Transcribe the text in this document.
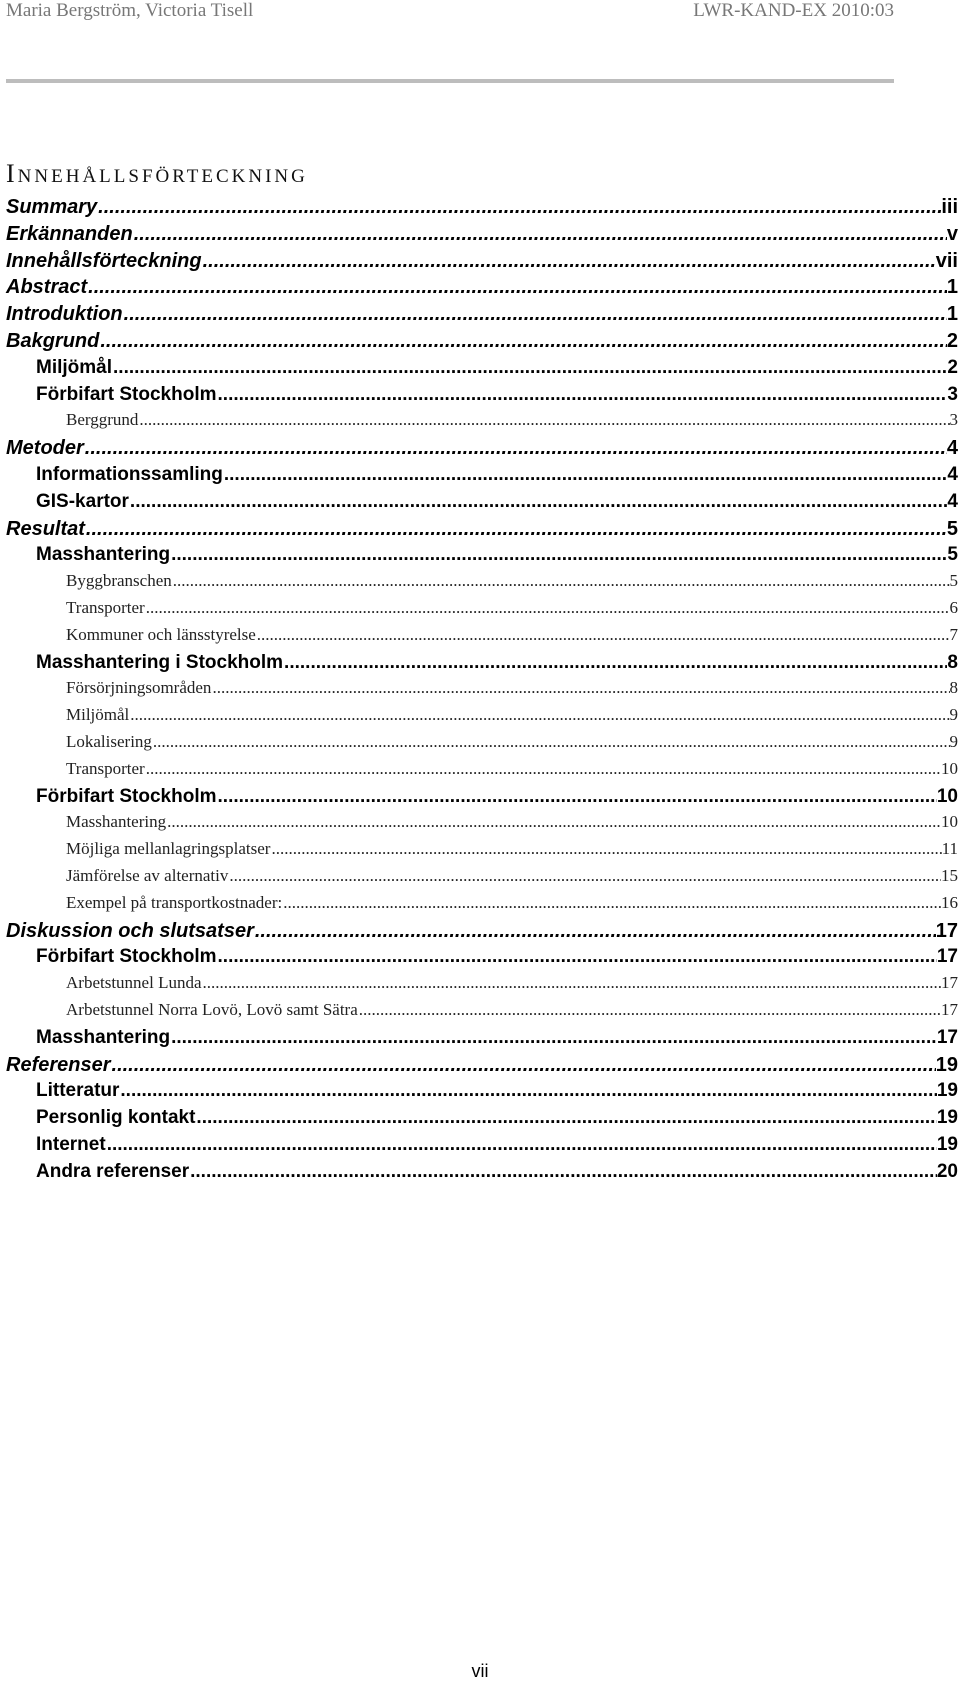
Maria Bergström, Victoria Tisell	LWR-KAND-EX 2010:03
INNEHÅLLSFÖRTECKNING
Summary .....	iii
Erkännanden .....	v
Innehållsförteckning .....	vii
Abstract .....	1
Introduktion .....	1
Bakgrund .....	2
Miljömål .....	2
Förbifart Stockholm .....	3
Berggrund .....	3
Metoder .....	4
Informationssamling .....	4
GIS-kartor .....	4
Resultat .....	5
Masshantering .....	5
Byggbranschen .....	5
Transporter .....	6
Kommuner och länsstyrelse .....	7
Masshantering i Stockholm .....	8
Försörjningsområden .....	8
Miljömål .....	9
Lokalisering .....	9
Transporter .....	10
Förbifart Stockholm .....	10
Masshantering .....	10
Möjliga mellanlagringsplatser .....	11
Jämförelse av alternativ .....	15
Exempel på transportkostnader: .....	16
Diskussion och slutsatser .....	17
Förbifart Stockholm .....	17
Arbetstunnel Lunda .....	17
Arbetstunnel Norra Lovö, Lovö samt Sätra .....	17
Masshantering .....	17
Referenser .....	19
Litteratur .....	19
Personlig kontakt .....	19
Internet .....	19
Andra referenser .....	20
vii
